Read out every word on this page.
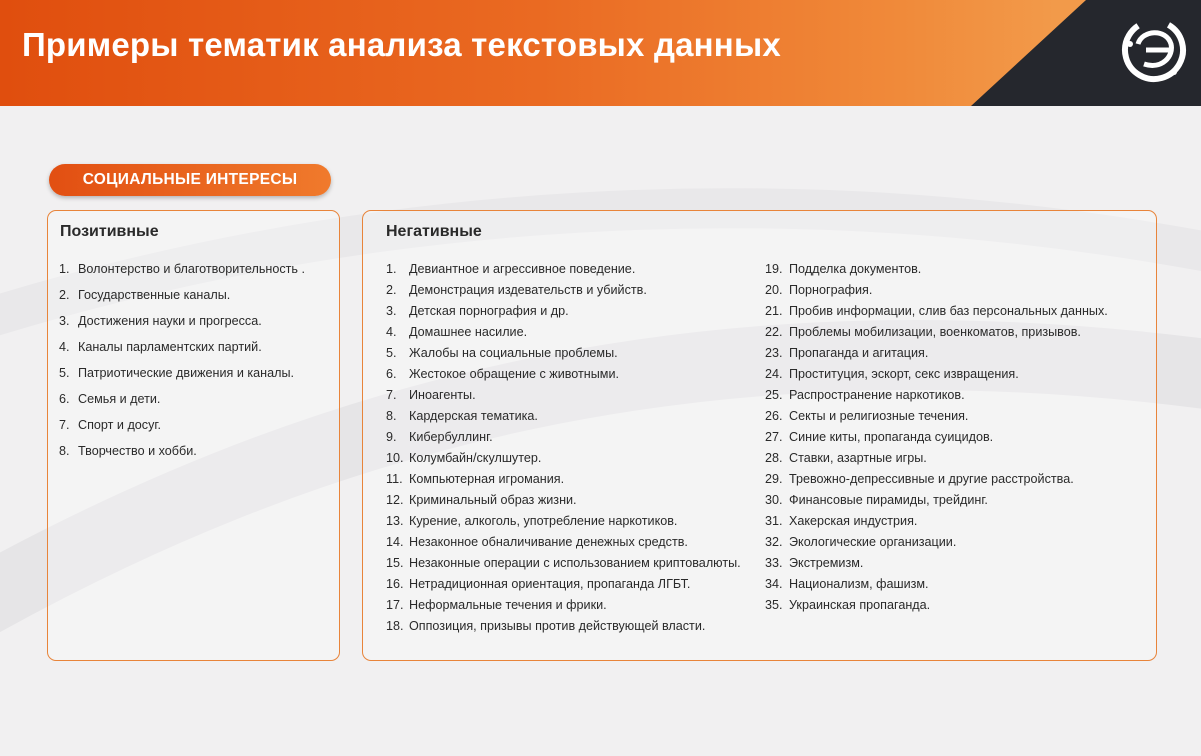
Примеры тематик анализа текстовых данных
СОЦИАЛЬНЫЕ ИНТЕРЕСЫ
Позитивные
1. Волонтерство и благотворительность .
2. Государственные каналы.
3. Достижения науки и прогресса.
4. Каналы парламентских партий.
5. Патриотические движения и каналы.
6. Семья и дети.
7. Спорт и досуг.
8. Творчество и хобби.
Негативные
1. Девиантное и агрессивное поведение.
2. Демонстрация издевательств и убийств.
3. Детская порнография и др.
4. Домашнее насилие.
5. Жалобы на социальные проблемы.
6. Жестокое обращение с животными.
7. Иноагенты.
8. Кардерская тематика.
9. Кибербуллинг.
10. Колумбайн/скулшутер.
11. Компьютерная игромания.
12. Криминальный образ жизни.
13. Курение, алкоголь, употребление наркотиков.
14. Незаконное обналичивание денежных средств.
15. Незаконные операции с использованием криптовалюты.
16. Нетрадиционная ориентация, пропаганда ЛГБТ.
17. Неформальные течения и фрики.
18. Оппозиция, призывы против действующей власти.
19. Подделка документов.
20. Порнография.
21. Пробив информации, слив баз персональных данных.
22. Проблемы мобилизации, военкоматов, призывов.
23. Пропаганда и агитация.
24. Проституция, эскорт, секс извращения.
25. Распространение наркотиков.
26. Секты и религиозные течения.
27. Синие киты, пропаганда суицидов.
28. Ставки, азартные игры.
29. Тревожно-депрессивные и другие расстройства.
30. Финансовые пирамиды, трейдинг.
31. Хакерская индустрия.
32. Экологические организации.
33. Экстремизм.
34. Национализм, фашизм.
35. Украинская пропаганда.
